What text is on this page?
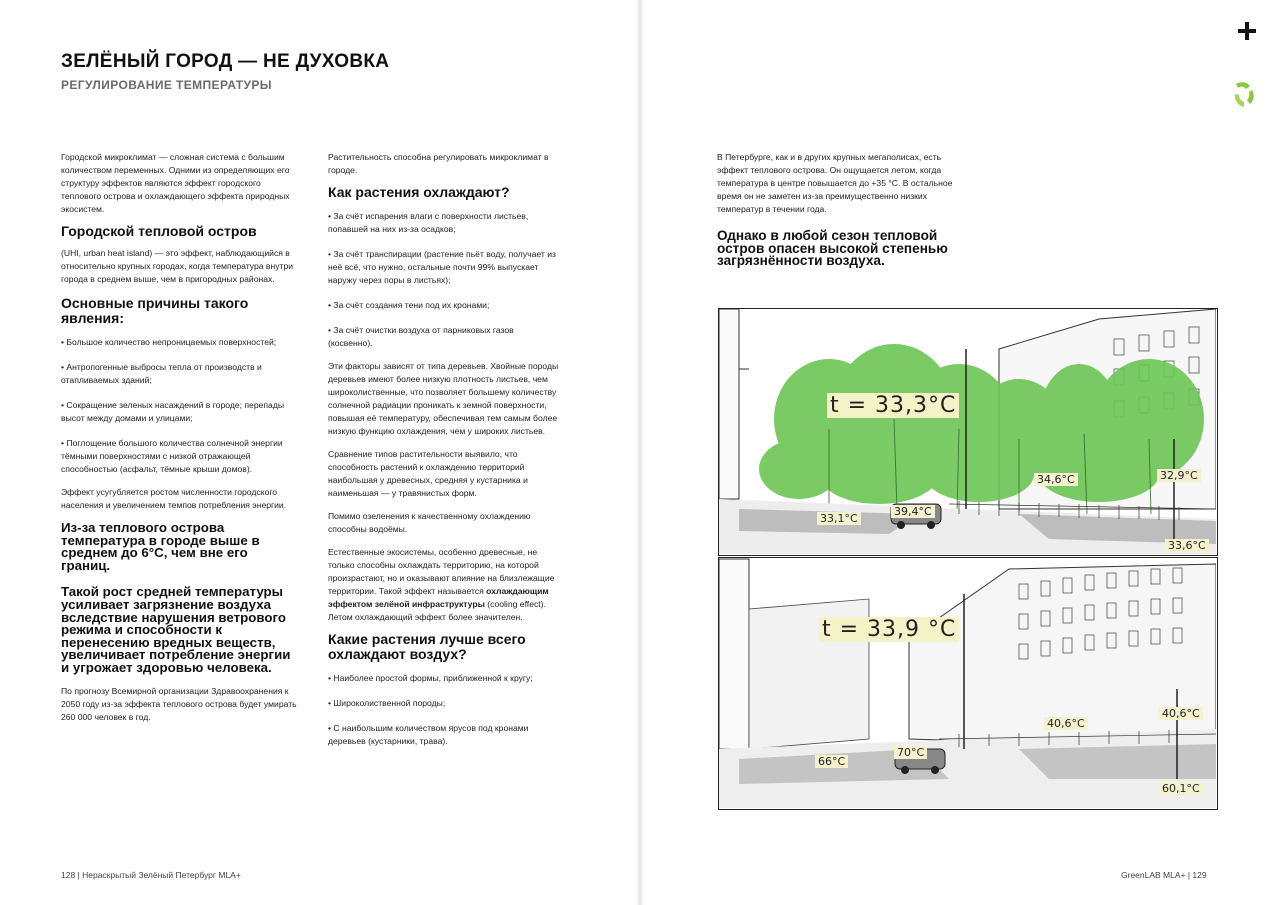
ЗЕЛЁНЫЙ ГОРОД — НЕ ДУХОВКА
РЕГУЛИРОВАНИЕ ТЕМПЕРАТУРЫ

Городской микроклимат — сложная система с большим количеством переменных. Одними из определяющих его структуру эффектов являются эффект городского теплового острова и охлаждающего эффекта природных экосистем.

Городской тепловой остров

(UHI, urban heat island) — это эффект, наблюдающийся в относительно крупных городах, когда температура внутри города в среднем выше, чем в пригородных районах.

Основные причины такого явления:

• Большое количество непроницаемых поверхностей;

• Антропогенные выбросы тепла от производств и отапливаемых зданий;

• Сокращение зеленых насаждений в городе; перепады высот между домами и улицами;

• Поглощение большого количества солнечной энергии тёмными поверхностями с низкой отражающей способностью (асфальт, тёмные крыши домов).

Эффект усугубляется ростом численности городского населения и увеличением темпов потребления энергии.

Из-за теплового острова температура в городе выше в среднем до 6°С, чем вне его границ.

Такой рост средней температуры усиливает загрязнение воздуха вследствие нарушения ветрового режима и способности к перенесению вредных веществ, увеличивает потребление энергии и угрожает здоровью человека.

По прогнозу Всемирной организации Здравоохранения к 2050 году из-за эффекта теплового острова будет умирать 260 000 человек в год.

Растительность способна регулировать микроклимат в городе.

Как растения охлаждают?

• За счёт испарения влаги с поверхности листьев, попавшей на них из-за осадков;

• За счёт транспирации (растение пьёт воду, получает из неё всё, что нужно, остальные почти 99% выпускает наружу через поры в листьях);

• За счёт создания тени под их кронами;

• За счёт очистки воздуха от парниковых газов (косвенно).

Эти факторы зависят от типа деревьев. Хвойные породы деревьев имеют более низкую плотность листьев, чем широколиственные, что позволяет большему количеству солнечной радиации проникать к земной поверхности, повышая её температуру, обеспечивая тем самым более низкую функцию охлаждения, чем у широких листьев.

Сравнение типов растительности выявило, что способность растений к охлаждению территорий наибольшая у древесных, средняя у кустарника и наименьшая — у травянистых форм.

Помимо озеленения к качественному охлаждению способны водоёмы.

Естественные экосистемы, особенно древесные, не только способны охлаждать территорию, на которой произрастают, но и оказывают влияние на близлежащие территории. Такой эффект называется охлаждающим эффектом зелёной инфраструктуры (cooling effect). Летом охлаждающий эффект более значителен.

Какие растения лучше всего охлаждают воздух?

• Наиболее простой формы, приближенной к кругу;

• Широколиственной породы;

• С наибольшим количеством ярусов под кронами деревьев (кустарники, трава).

128 | Нераскрытый Зелёный Петербург MLA+

В Петербурге, как и в других крупных мегаполисах, есть эффект теплового острова. Он ощущается летом, когда температура в центре повышается до +35 °С. В остальное время он не заметен из-за преимущественно низких температур в течении года.

Однако в любой сезон тепловой остров опасен высокой степенью загрязнённости воздуха.

t = 33,3°C
34,6°C	32,9°C
33,1°C
39,4°C
33,6°C
t = 33,9 °C
40,6°C
40,6°C
70°C
66°C
60,1°C

GreenLAB MLA+ | 129
